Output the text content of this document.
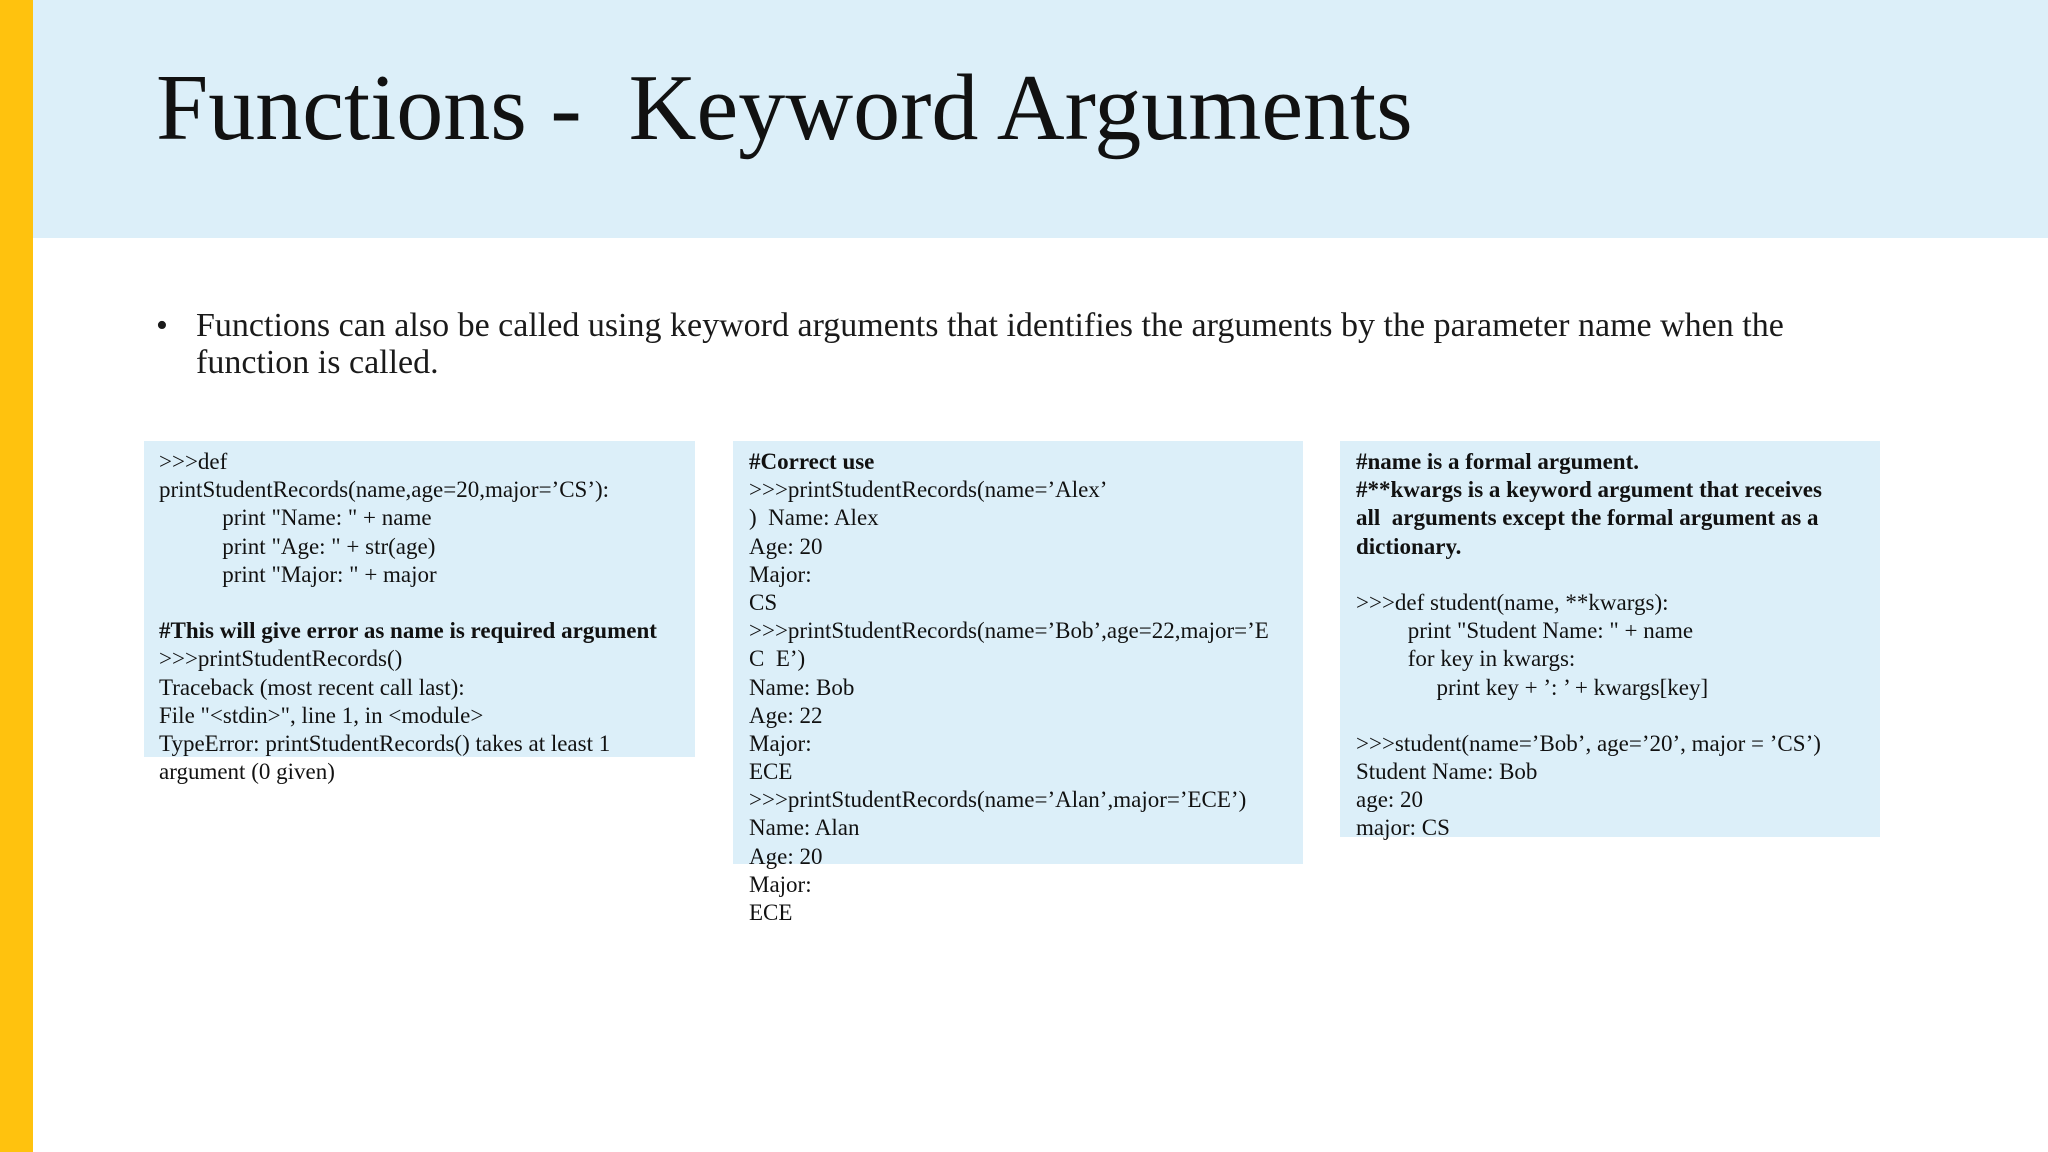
Functions -  Keyword Arguments
• Functions can also be called using keyword arguments that identifies the arguments by the parameter name when the function is called.
>>>def
printStudentRecords(name,age=20,major=’CS’):
print "Name: " + name
print "Age: " + str(age)
print "Major: " + major
#This will give error as name is required argument
>>>printStudentRecords()
Traceback (most recent call last):
File "<stdin>", line 1, in <module>
TypeError: printStudentRecords() takes at least 1
argument (0 given)
#Correct use
>>>printStudentRecords(name=’Alex’
)  Name: Alex
Age: 20
Major:
CS
>>>printStudentRecords(name=’Bob’,age=22,major=’E
C  E’)
Name: Bob
Age: 22
Major:
ECE
>>>printStudentRecords(name=’Alan’,major=’ECE’)
Name: Alan
Age: 20
Major:
ECE
#name is a formal argument.
#**kwargs is a keyword argument that receives
all  arguments except the formal argument as a
dictionary.
>>>def student(name, **kwargs):
print "Student Name: " + name
for key in kwargs:
print key + ’: ’ + kwargs[key]
>>>student(name=’Bob’, age=’20’, major = ’CS’)
Student Name: Bob
age: 20
major: CS
